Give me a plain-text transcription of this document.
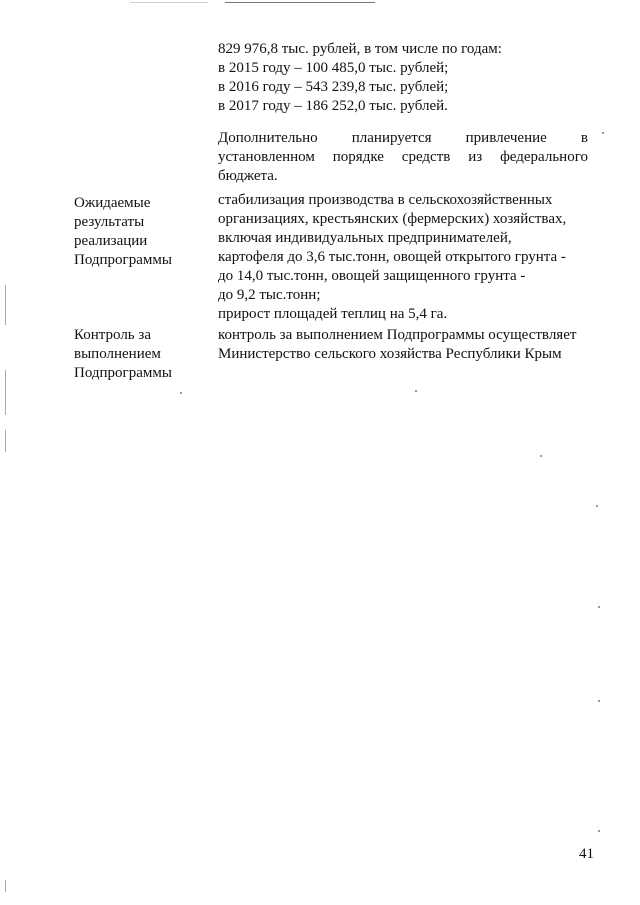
829 976,8 тыс. рублей, в том числе по годам:
в 2015 году – 100 485,0 тыс. рублей;
в 2016 году – 543 239,8 тыс. рублей;
в 2017 году – 186 252,0 тыс. рублей.
Дополнительно планируется привлечение в
установленном порядке средств из федерального
бюджета.
Ожидаемые
результаты
реализации
Подпрограммы
стабилизация производства в сельскохозяйственных
организациях, крестьянских (фермерских) хозяйствах,
включая индивидуальных предпринимателей,
картофеля до 3,6 тыс.тонн, овощей открытого грунта -
до 14,0 тыс.тонн, овощей защищенного грунта -
до 9,2 тыс.тонн;
прирост площадей теплиц на 5,4 га.
Контроль за
выполнением
Подпрограммы
контроль за выполнением Подпрограммы осуществляет
Министерство сельского хозяйства Республики Крым
41
